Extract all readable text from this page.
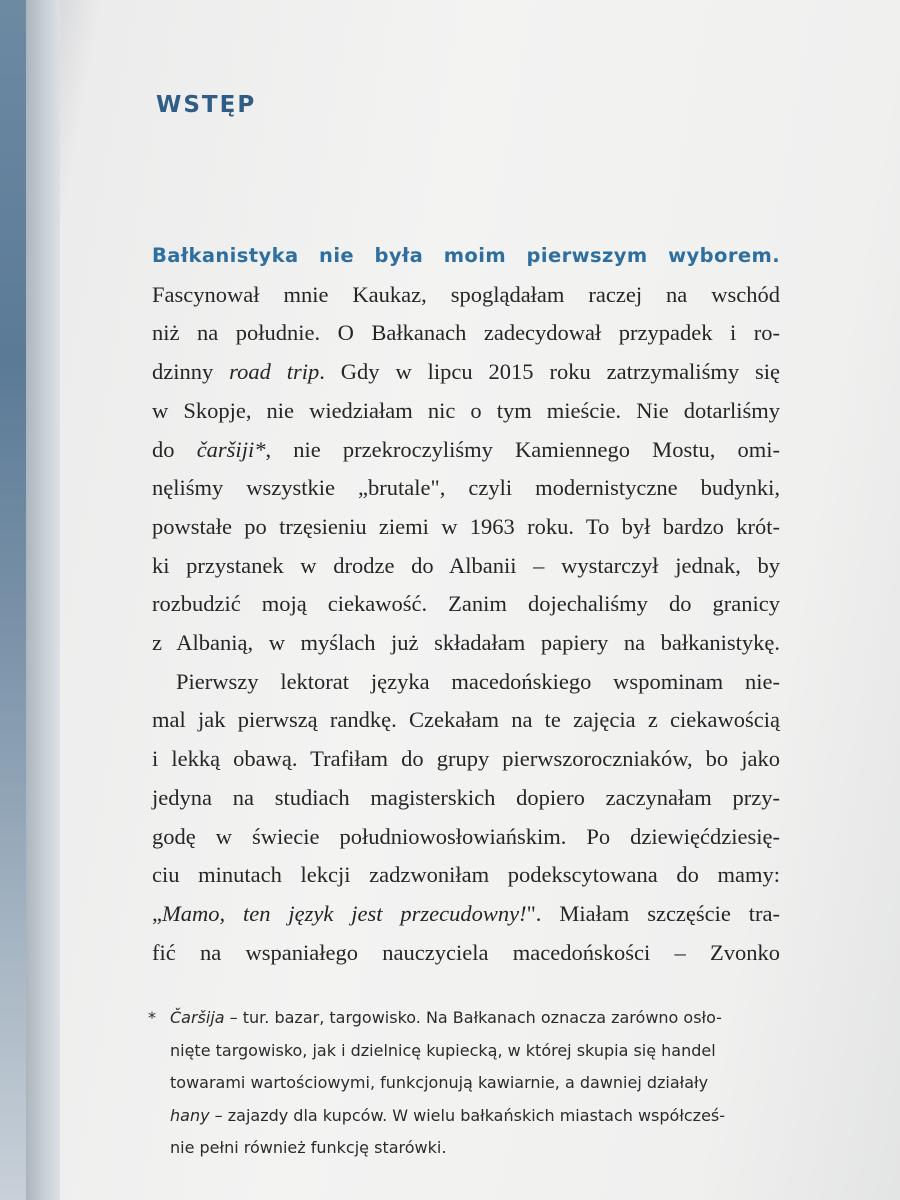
WSTĘP
Bałkanistyka nie była moim pierwszym wyborem.
Fascynował mnie Kaukaz, spoglądałam raczej na wschód
niż na południe. O Bałkanach zadecydował przypadek i ro-
dzinny road trip. Gdy w lipcu 2015 roku zatrzymaliśmy się
w Skopje, nie wiedziałam nic o tym mieście. Nie dotarliśmy
do čaršiji*, nie przekroczyliśmy Kamiennego Mostu, omi-
nęliśmy wszystkie „brutale", czyli modernistyczne budynki,
powstałe po trzęsieniu ziemi w 1963 roku. To był bardzo krót-
ki przystanek w drodze do Albanii – wystarczył jednak, by
rozbudzić moją ciekawość. Zanim dojechaliśmy do granicy
z Albanią, w myślach już składałam papiery na bałkanistykę.
Pierwszy lektorat języka macedońskiego wspominam nie-
mal jak pierwszą randkę. Czekałam na te zajęcia z ciekawością
i lekką obawą. Trafiłam do grupy pierwszoroczniaków, bo jako
jedyna na studiach magisterskich dopiero zaczynałam przy-
godę w świecie południowosłowiańskim. Po dziewięćdziesię-
ciu minutach lekcji zadzwoniłam podekscytowana do mamy:
„Mamo, ten język jest przecudowny!". Miałam szczęście tra-
fić na wspaniałego nauczyciela macedońskości – Zvonko
* Čaršija – tur. bazar, targowisko. Na Bałkanach oznacza zarówno osło-
nięte targowisko, jak i dzielnicę kupiecką, w której skupia się handel
towarami wartościowymi, funkcjonują kawiarnie, a dawniej działały
hany – zajazdy dla kupców. W wielu bałkańskich miastach współcześ-
nie pełni również funkcję starówki.
